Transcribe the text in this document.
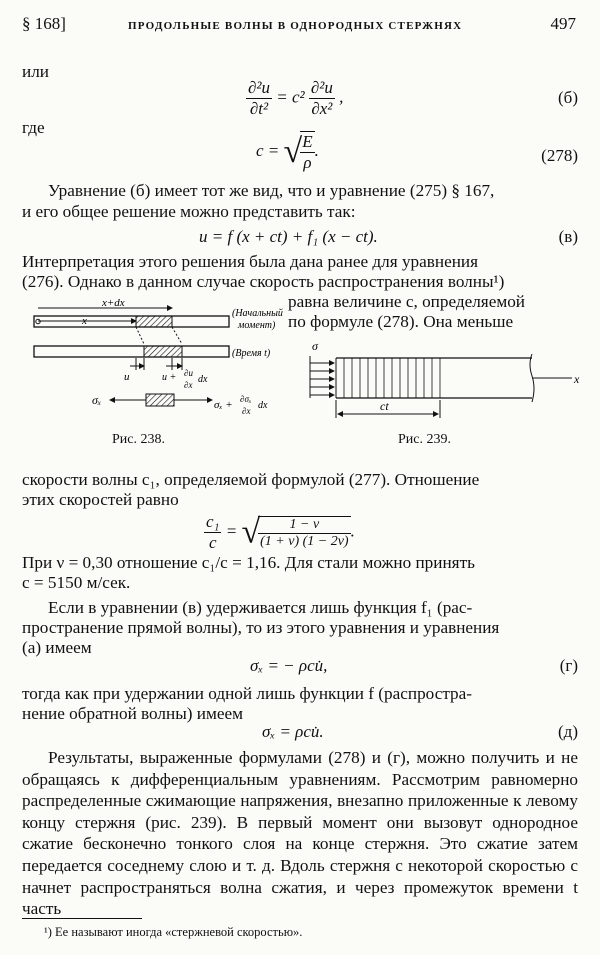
§ 168]	ПРОДОЛЬНЫЕ ВОЛНЫ В ОДНОРОДНЫХ СТЕРЖНЯХ	497
или
$\frac{\text{∂²u}}{\text{∂t²}} = c^2 \frac{\text{∂²u}}{\text{∂x²}}$ ,	(б)
где
c = √
$\frac{E}{\rho}$ .	(278)
Уравнение (б) имеет тот же вид, что и уравнение (275) § 167,
и его общее решение можно представить так:
u = f (x + ct) + f₁ (x − ct).	(в)
Интерпретация этого решения была дана ранее для уравнения
(276). Однако в данном случае скорость распространения волны¹)
равна величине c, определяемой
по формуле (278). Она меньше
x+dx
x
(Начальный
момент)
(Время t)
u	u + ∂u
∂x dx
σₓ	σₓ + ∂σₓ
∂x dx
Рис. 238.
σ
x
ct
Рис. 239.
скорости волны c₁, определяемой формулой (277). Отношение
этих скоростей равно
$\frac{\text{c₁}}{c}$ = √
$\frac{1 - \nu}{(1 + \nu) (1 - 2\nu)}$ .
При ν = 0,30 отношение c₁/c = 1,16. Для стали можно принять
c = 5150 м/сек.
Если в уравнении (в) удерживается лишь функция f₁ (рас-
пространение прямой волны), то из этого уравнения и уравнения
(а) имеем
σₓ = − ρcu̇,	(г)
тогда как при удержании одной лишь функции f (распростра-
нение обратной волны) имеем
σₓ = ρcu̇.	(д)
Результаты, выраженные формулами (278) и (г), можно получить и не обращаясь к дифференциальным уравнениям. Рассмотрим равномерно распределенные сжимающие напряжения, внезапно приложенные к левому концу стержня (рис. 239). В первый момент они вызовут однородное сжатие бесконечно тонкого слоя на конце стержня. Это сжатие затем передается соседнему слою и т. д. Вдоль стержня с некоторой скоростью c начнет распространяться волна сжатия, и через промежуток времени t часть
¹) Ее называют иногда «стержневой скоростью».
